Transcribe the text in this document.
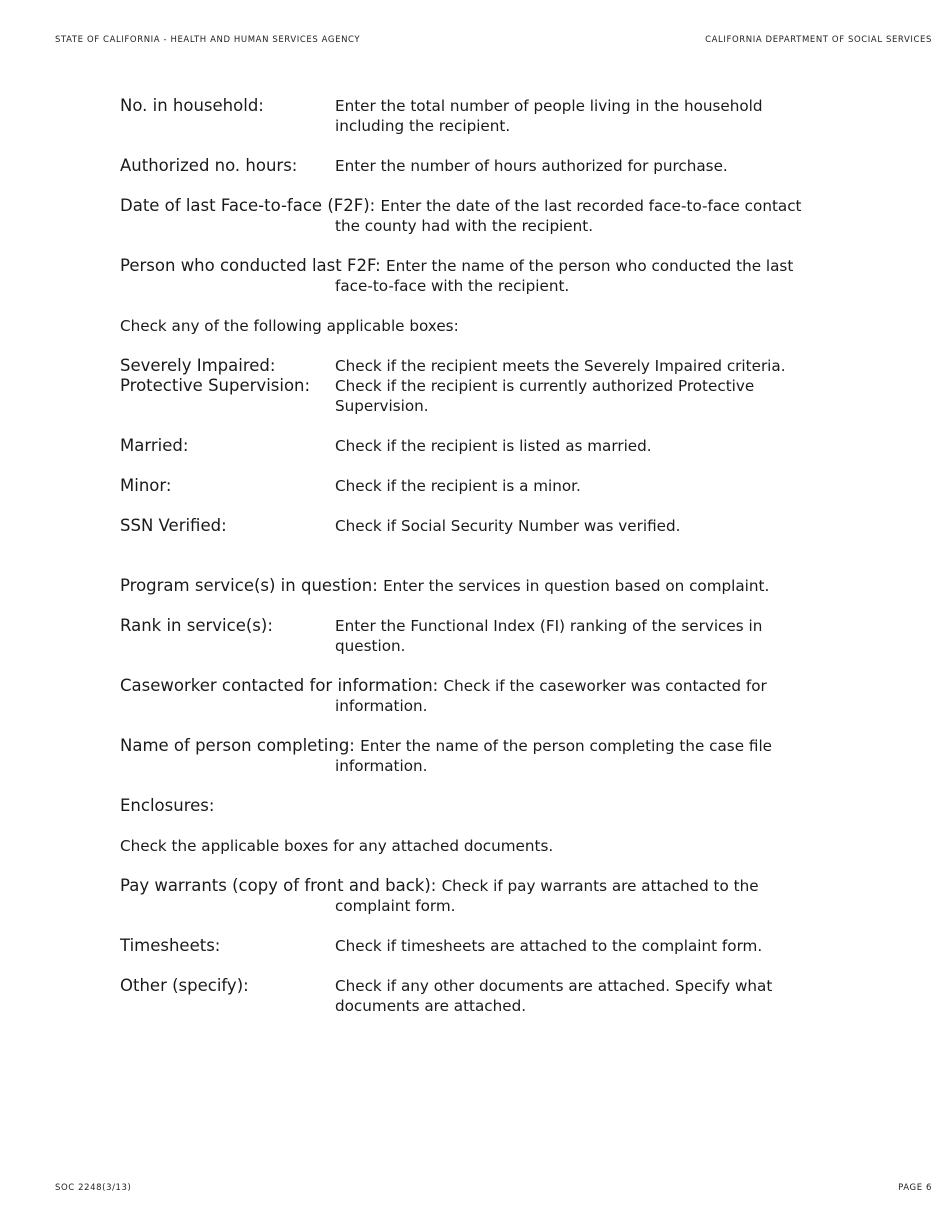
STATE OF CALIFORNIA - HEALTH AND HUMAN SERVICES AGENCY	CALIFORNIA DEPARTMENT OF SOCIAL SERVICES
No. in household:	Enter the total number of people living in the household including the recipient.
Authorized no. hours:	Enter the number of hours authorized for purchase.
Date of last Face-to-face (F2F): Enter the date of the last recorded face-to-face contact the county had with the recipient.
Person who conducted last F2F: Enter the name of the person who conducted the last face-to-face with the recipient.
Check any of the following applicable boxes:
Severely Impaired:	Check if the recipient meets the Severely Impaired criteria.
Protective Supervision:	Check if the recipient is currently authorized Protective Supervision.
Married:	Check if the recipient is listed as married.
Minor:	Check if the recipient is a minor.
SSN Verified:	Check if Social Security Number was verified.
Program service(s) in question: Enter the services in question based on complaint.
Rank in service(s):	Enter the Functional Index (FI) ranking of the services in question.
Caseworker contacted for information: Check if the caseworker was contacted for information.
Name of person completing: Enter the name of the person completing the case file information.
Enclosures:
Check the applicable boxes for any attached documents.
Pay warrants (copy of front and back): Check if pay warrants are attached to the complaint form.
Timesheets:	Check if timesheets are attached to the complaint form.
Other (specify):	Check if any other documents are attached. Specify what documents are attached.
SOC 2248(3/13)	PAGE 6
